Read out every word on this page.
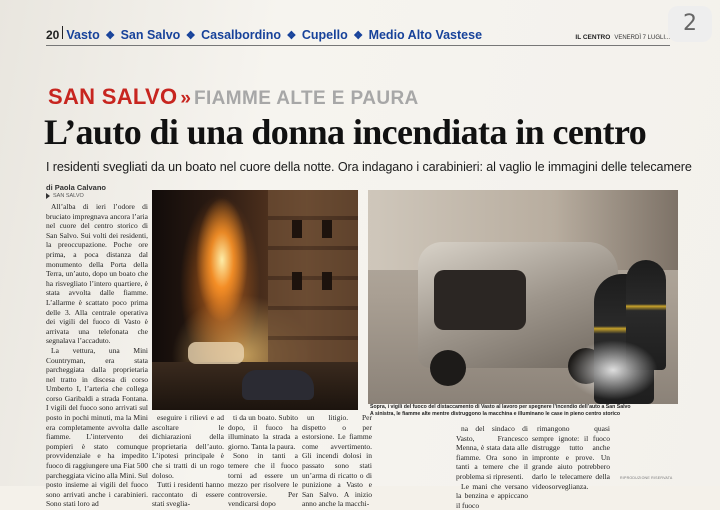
2
20 Vasto ❖ San Salvo ❖ Casalbordino ❖ Cupello ❖ Medio Alto Vastese	IL CENTRO VENERDÌ 7 LUGLI...
SAN SALVO » FIAMME ALTE E PAURA
L’auto di una donna incendiata in centro
I residenti svegliati da un boato nel cuore della notte. Ora indagano i carabinieri: al vaglio le immagini delle telecamere
di Paola Calvano
SAN SALVO

All’alba di ieri l’odore di bruciato impregnava ancora l’aria nel cuore del centro storico di San Salvo. Sui volti dei residenti, la preoccupazione. Poche ore prima, a poca distanza dal monumento della Porta della Terra, un’auto, dopo un boato che ha risvegliato l’intero quartiere, è stata avvolta dalle fiamme. L’allarme è scattato poco prima delle 3. Alla centrale operativa dei vigili del fuoco di Vasto è arrivata una telefonata che segnalava l’accaduto.

La vettura, una Mini Countryman, era stata parcheggiata dalla proprietaria nel tratto in discesa di corso Umberto I, l’arteria che collega corso Garibaldi a strada Fontana. I vigili del fuoco sono arrivati sul posto in pochi minuti, ma la Mini era completamente avvolta dalle fiamme. L’intervento dei pompieri è stato comunque provvidenziale e ha impedito fuoco di raggiungere una Fiat 500 parcheggiata vicino alla Mini. Sul posto insieme ai vigili del fuoco sono arrivati anche i carabinieri. Sono stati loro ad

eseguire i rilievi e ad ascoltare le dichiarazioni della proprietaria dell’auto. L’ipotesi principale è che si tratti di un rogo doloso.

Tutti i residenti hanno raccontato di essere stati sveglia-

ti da un boato. Subito dopo, il fuoco ha illuminato la strada a giorno. Tanta la paura.

Sono in tanti a temere che il fuoco torni ad essere un mezzo per risolvere le controversie. Per vendicarsi dopo

un litigio. Per dispetto o per estorsione. Le fiamme come avvertimento. Gli incendi dolosi in passato sono stati un’arma di ricatto o di punizione a Vasto e San Salvo. A inizio anno anche la macchi-

Sopra, i vigili del fuoco del distaccamento di Vasto al lavoro per spegnere l’incendio dell’auto a San Salvo
A sinistra, le fiamme alte mentre distruggono la macchina e illuminano le case in pieno centro storico

na del sindaco di Vasto, Francesco Menna, è stata data alle fiamme. Ora sono in tanti a temere che il problema si ripresenti.

Le mani che versano la benzina e appiccano il fuoco

rimangono quasi sempre ignote: il fuoco distrugge tutto anche impronte e prove. Un grande aiuto potrebbero darlo le telecamere della videosorveglianza.

RIPRODUZIONE RISERVATA
